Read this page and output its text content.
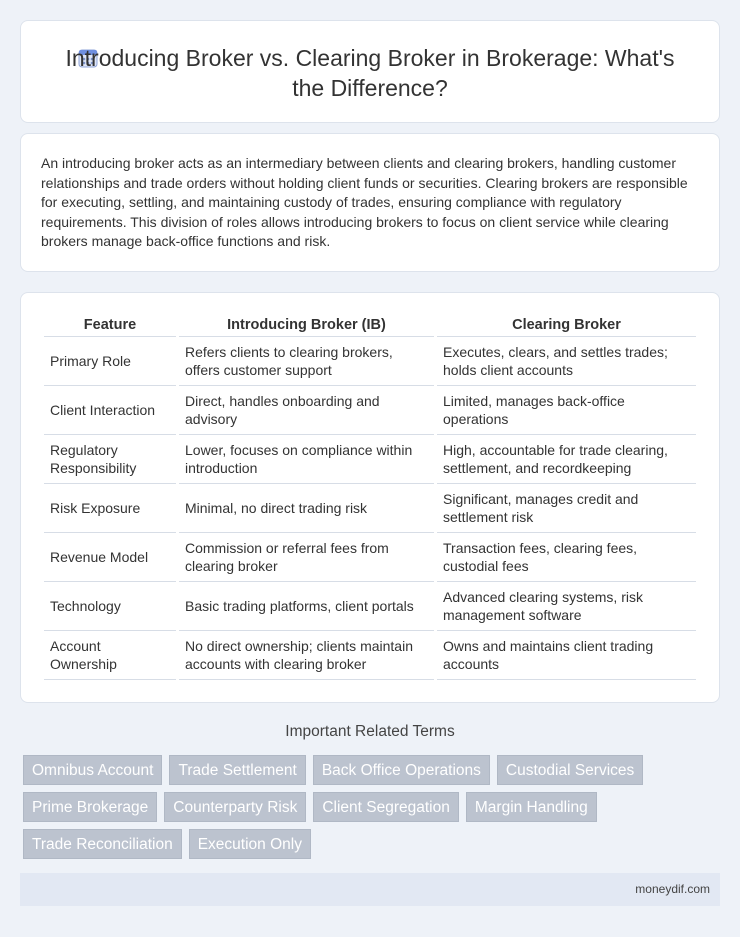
Introducing Broker vs. Clearing Broker in Brokerage: What's the Difference?

An introducing broker acts as an intermediary between clients and clearing brokers, handling customer relationships and trade orders without holding client funds or securities. Clearing brokers are responsible for executing, settling, and maintaining custody of trades, ensuring compliance with regulatory requirements. This division of roles allows introducing brokers to focus on client service while clearing brokers manage back-office functions and risk.

Feature	Introducing Broker (IB)	Clearing Broker
Primary Role	Refers clients to clearing brokers, offers customer support	Executes, clears, and settles trades; holds client accounts
Client Interaction	Direct, handles onboarding and advisory	Limited, manages back-office operations
Regulatory Responsibility	Lower, focuses on compliance within introduction	High, accountable for trade clearing, settlement, and recordkeeping
Risk Exposure	Minimal, no direct trading risk	Significant, manages credit and settlement risk
Revenue Model	Commission or referral fees from clearing broker	Transaction fees, clearing fees, custodial fees
Technology	Basic trading platforms, client portals	Advanced clearing systems, risk management software
Account Ownership	No direct ownership; clients maintain accounts with clearing broker	Owns and maintains client trading accounts
Important Related Terms
Omnibus Account	Trade Settlement	Back Office Operations	Custodial Services
Prime Brokerage	Counterparty Risk	Client Segregation	Margin Handling
Trade Reconciliation	Execution Only
moneydif.com
